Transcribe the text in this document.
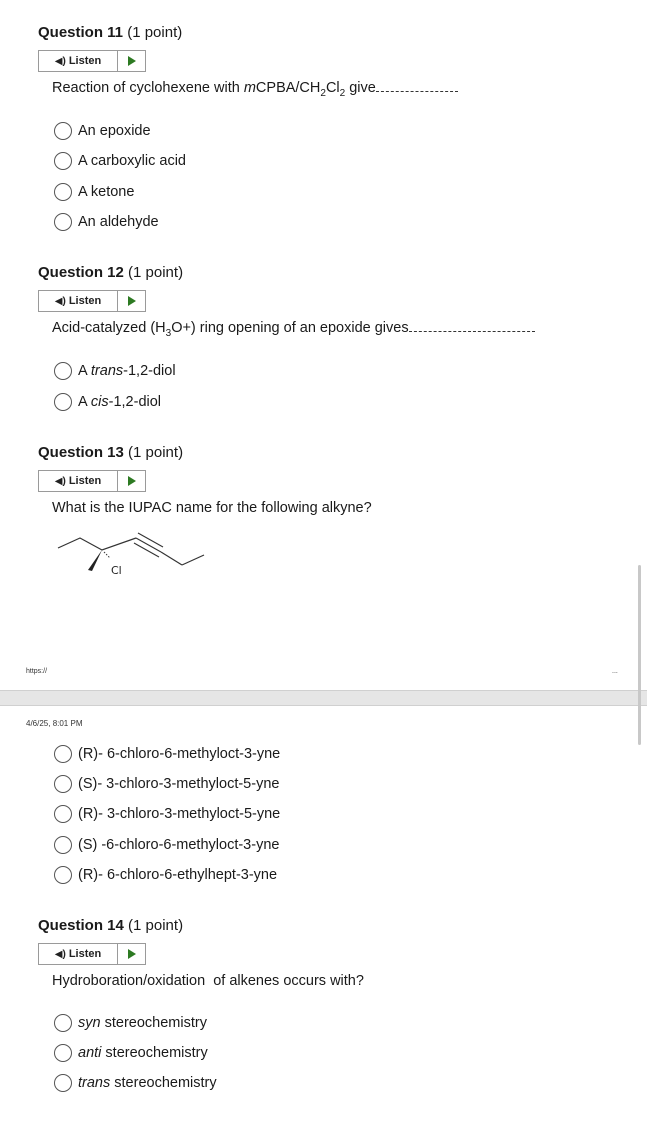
Question 11 (1 point)
◀) Listen
Reaction of cyclohexene with mCPBA/$CH_2Cl_2$ give
An epoxide
A carboxylic acid
A ketone
An aldehyde
Question 12 (1 point)
◀) Listen
Acid-catalyzed $(H_3O+)$ ring opening of an epoxide gives
A trans-1,2-diol
A cis-1,2-diol
Question 13 (1 point)
◀) Listen
What is the IUPAC name for the following alkyne?
Cl
https://	...
4/6/25, 8:01 PM
(R)- 6-chloro-6-methyloct-3-yne
(S)- 3-chloro-3-methyloct-5-yne
(R)- 3-chloro-3-methyloct-5-yne
(S) -6-chloro-6-methyloct-3-yne
(R)- 6-chloro-6-ethylhept-3-yne
Question 14 (1 point)
◀) Listen
Hydroboration/oxidation  of alkenes occurs with?
syn stereochemistry
anti stereochemistry
trans stereochemistry
